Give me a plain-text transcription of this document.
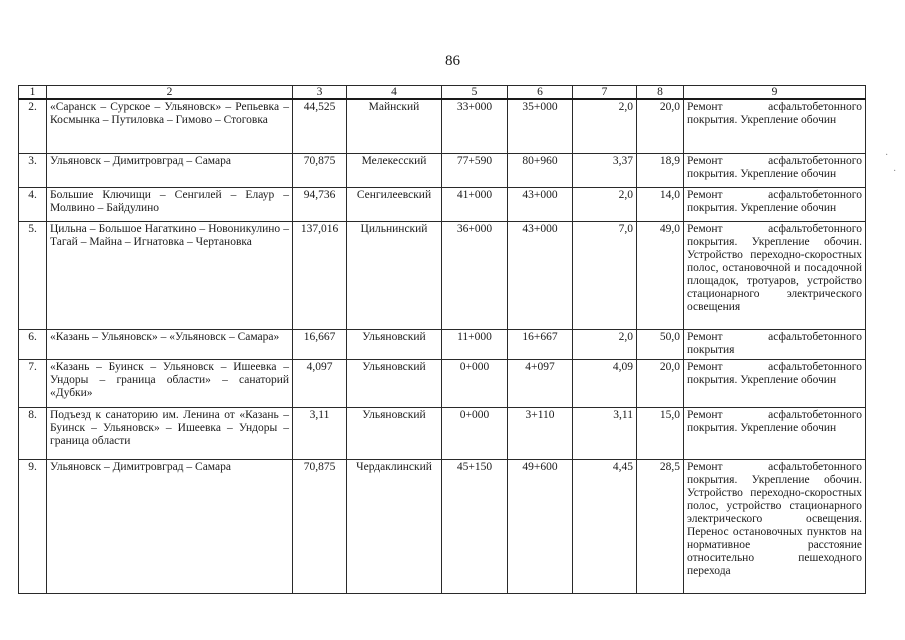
86
1	2	3	4	5	6	7	8	9
2.	«Саранск – Сурское – Ульяновск» – Репьевка – Космынка – Путиловка – Гимово – Стоговка	44,525	Майнский	33+000	35+000	2,0	20,0	Ремонт асфальтобетонного покрытия. Укрепление обочин
3.	Ульяновск – Димитровград – Самара	70,875	Мелекесский	77+590	80+960	3,37	18,9	Ремонт асфальтобетонного покрытия. Укрепление обочин
4.	Большие Ключищи – Сенгилей – Елаур – Молвино – Байдулино	94,736	Сенгилеевский	41+000	43+000	2,0	14,0	Ремонт асфальтобетонного покрытия. Укрепление обочин
5.	Цильна – Большое Нагаткино – Новоникулино – Тагай – Майна – Игнатовка – Чертановка	137,016	Цильнинский	36+000	43+000	7,0	49,0	Ремонт асфальтобетонного покрытия. Укрепление обочин. Устройство переходно-скоростных полос, остановочной и посадочной площадок, тротуаров, устройство стационарного электрического освещения
6.	«Казань – Ульяновск» – «Ульяновск – Самара»	16,667	Ульяновский	11+000	16+667	2,0	50,0	Ремонт асфальтобетонного покрытия
7.	«Казань – Буинск – Ульяновск – Ишеевка – Ундоры – граница области» – санаторий «Дубки»	4,097	Ульяновский	0+000	4+097	4,09	20,0	Ремонт асфальтобетонного покрытия. Укрепление обочин
8.	Подъезд к санаторию им. Ленина от «Казань – Буинск – Ульяновск» – Ишеевка – Ундоры – граница области	3,11	Ульяновский	0+000	3+110	3,11	15,0	Ремонт асфальтобетонного покрытия. Укрепление обочин
9.	Ульяновск – Димитровград – Самара	70,875	Чердаклинский	45+150	49+600	4,45	28,5	Ремонт асфальтобетонного покрытия. Укрепление обочин. Устройство переходно-скоростных полос, устройство стационарного электрического освещения. Перенос остановочных пунктов на нормативное расстояние относительно пешеходного перехода
·
·
